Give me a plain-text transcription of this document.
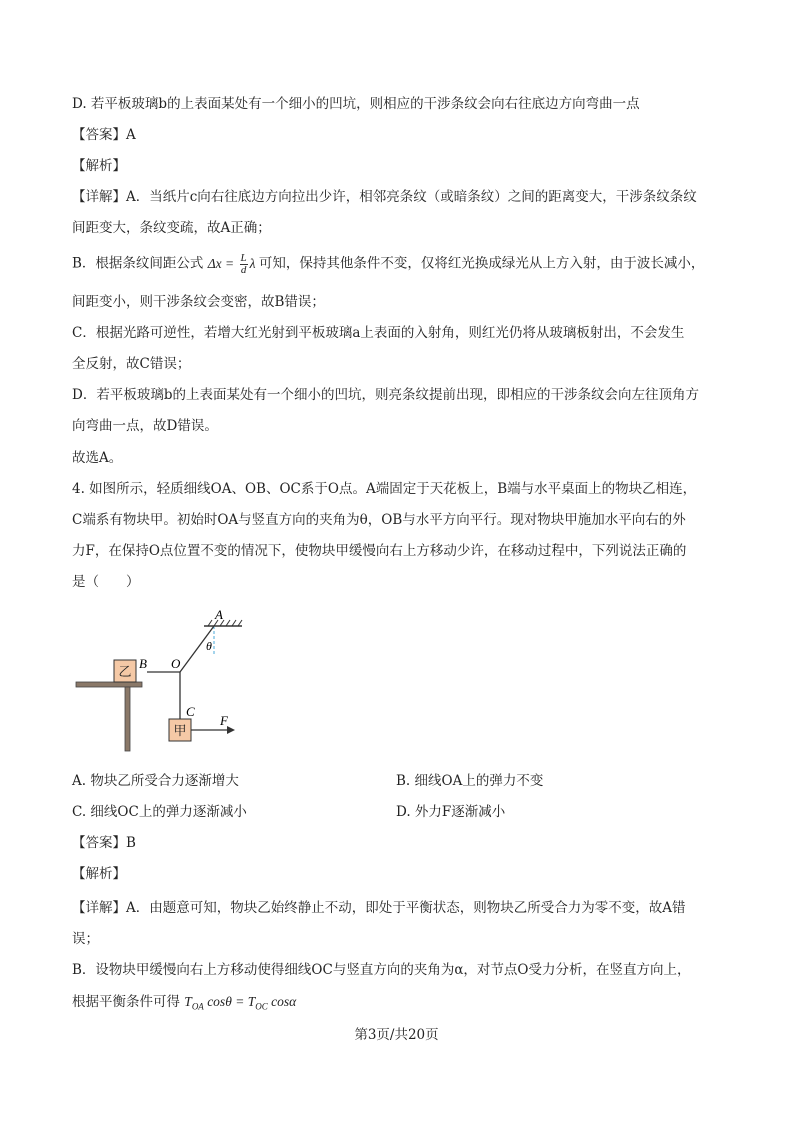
D. 若平板玻璃b的上表面某处有一个细小的凹坑，则相应的干涉条纹会向右往底边方向弯曲一点
【答案】A
【解析】
【详解】A．当纸片c向右往底边方向拉出少许，相邻亮条纹（或暗条纹）之间的距离变大，干涉条纹条纹
间距变大，条纹变疏，故A正确；
B．根据条纹间距公式 $\Delta x = \frac{L}{d}$ λ 可知，保持其他条件不变，仅将红光换成绿光从上方入射，由于波长减小，
间距变小，则干涉条纹会变密，故B错误；
C．根据光路可逆性，若增大红光射到平板玻璃a上表面的入射角，则红光仍将从玻璃板射出，不会发生
全反射，故C错误；
D．若平板玻璃b的上表面某处有一个细小的凹坑，则亮条纹提前出现，即相应的干涉条纹会向左往顶角方
向弯曲一点，故D错误。
故选A。
4. 如图所示，轻质细线OA、OB、OC系于O点。A端固定于天花板上，B端与水平桌面上的物块乙相连，
C端系有物块甲。初始时OA与竖直方向的夹角为θ，OB与水平方向平行。现对物块甲施加水平向右的外
力F，在保持O点位置不变的情况下，使物块甲缓慢向右上方移动少许，在移动过程中，下列说法正确的
是（　　）
乙
甲
A
θ
O
B
C
F
A. 物块乙所受合力逐渐增大	B. 细线OA上的弹力不变
C. 细线OC上的弹力逐渐减小	D. 外力F逐渐减小
【答案】B
【解析】
【详解】A．由题意可知，物块乙始终静止不动，即处于平衡状态，则物块乙所受合力为零不变，故A错
误；
B．设物块甲缓慢向右上方移动使得细线OC与竖直方向的夹角为α，对节点O受力分析，在竖直方向上，
根据平衡条件可得 $T_{OA}$ $\cos\theta = T_{OC}$ cosα
第3页/共20页
